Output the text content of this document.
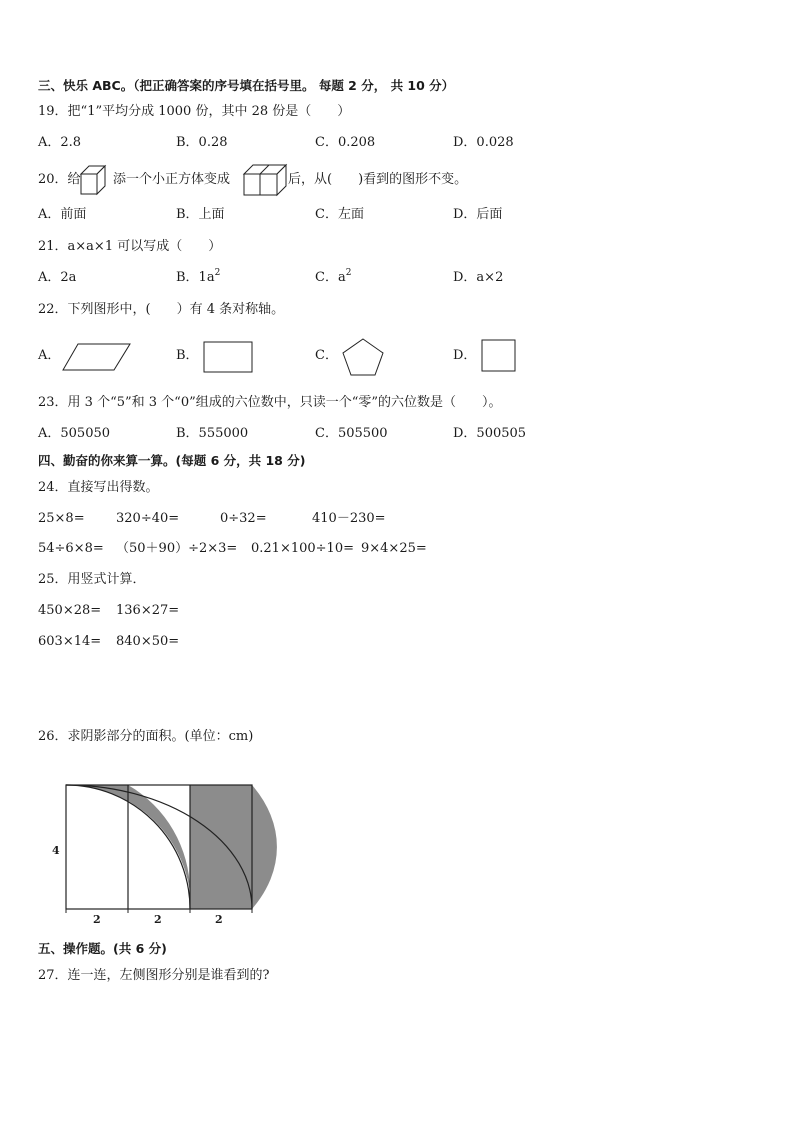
三、快乐 ABC。（把正确答案的序号填在括号里。 每题 2 分， 共 10 分）
19．把“1”平均分成 1000 份，其中 28 份是（　　）
A．2.8	B．0.28	C．0.208	D．0.028
20．给 添一个小正方体变成	后，从(　　)看到的图形不变。
A．前面	B．上面	C．左面	D．后面
21．a×a×1 可以写成（　　）
A．2a	B．$1a^2$	C．$a^2$	D．a×2
22．下列图形中，(　　）有 4 条对称轴。
A．	B．	C．	D．
23．用 3 个“5”和 3 个“0”组成的六位数中，只读一个“零”的六位数是（　　）。
A．505050	B．555000	C．505500	D．500505
四、勤奋的你来算一算。(每题 6 分，共 18 分)
24．直接写出得数。
25×8= 320÷40=	0÷32=	410－230=
54÷6×8= （50＋90）÷2×3= 0.21×100÷10= 9×4×25=
25．用竖式计算．
450×28= 136×27=
603×14= 840×50=
26．求阴影部分的面积。(单位：cm)
4
2	2	2
五、操作题。(共 6 分)
27．连一连，左侧图形分别是谁看到的?
